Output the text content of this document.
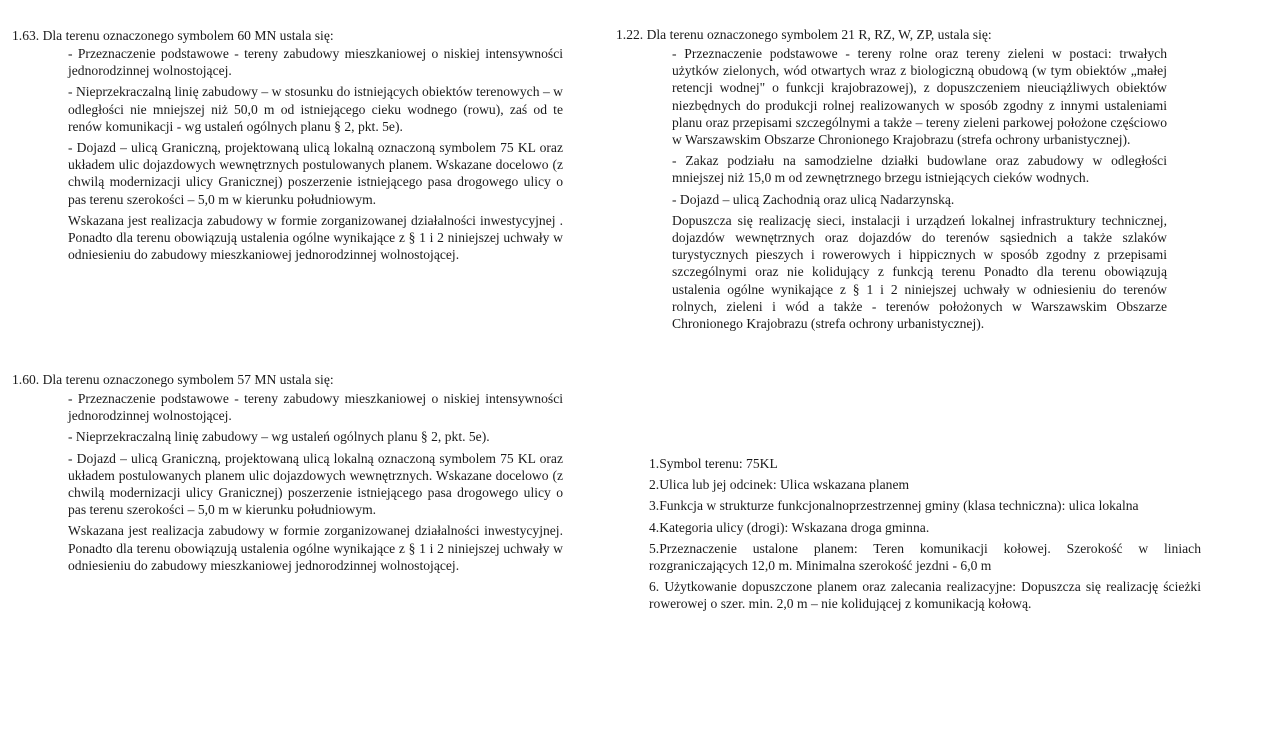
1.63. Dla terenu oznaczonego symbolem 60 MN ustala się:

- Przeznaczenie podstawowe - tereny zabudowy mieszkaniowej o niskiej intensywności jednorodzinnej wolnostojącej.

- Nieprzekraczalną linię zabudowy – w stosunku do istniejących obiektów terenowych – w odległości nie mniejszej niż 50,0 m od istniejącego cieku wodnego (rowu), zaś od te renów komunikacji - wg ustaleń ogólnych planu § 2, pkt. 5e).

- Dojazd – ulicą Graniczną, projektowaną ulicą lokalną oznaczoną symbolem 75 KL oraz układem ulic dojazdowych wewnętrznych postulowanych planem. Wskazane docelowo (z chwilą modernizacji ulicy Granicznej) poszerzenie istniejącego pasa drogowego ulicy o pas terenu szerokości – 5,0 m w kierunku południowym.

Wskazana jest realizacja zabudowy w formie zorganizowanej działalności inwestycyjnej . Ponadto dla terenu obowiązują ustalenia ogólne wynikające z § 1 i 2 niniejszej uchwały w odniesieniu do zabudowy mieszkaniowej jednorodzinnej wolnostojącej.

1.60. Dla terenu oznaczonego symbolem 57 MN ustala się:

- Przeznaczenie podstawowe - tereny zabudowy mieszkaniowej o niskiej intensywności jednorodzinnej wolnostojącej.

- Nieprzekraczalną linię zabudowy – wg ustaleń ogólnych planu § 2, pkt. 5e).

- Dojazd – ulicą Graniczną, projektowaną ulicą lokalną oznaczoną symbolem 75 KL oraz układem postulowanych planem ulic dojazdowych wewnętrznych. Wskazane docelowo (z chwilą modernizacji ulicy Granicznej) poszerzenie istniejącego pasa drogowego ulicy o pas terenu szerokości – 5,0 m w kierunku południowym.

Wskazana jest realizacja zabudowy w formie zorganizowanej działalności inwestycyjnej. Ponadto dla terenu obowiązują ustalenia ogólne wynikające z § 1 i 2 niniejszej uchwały w odniesieniu do zabudowy mieszkaniowej jednorodzinnej wolnostojącej.

1.22. Dla terenu oznaczonego symbolem 21 R, RZ, W, ZP, ustala się:

- Przeznaczenie podstawowe - tereny rolne oraz tereny zieleni w postaci: trwałych użytków zielonych, wód otwartych wraz z biologiczną obudową (w tym obiektów „małej retencji wodnej" o funkcji krajobrazowej), z dopuszczeniem nieuciążliwych obiektów niezbędnych do produkcji rolnej realizowanych w sposób zgodny z innymi ustaleniami planu oraz przepisami szczególnymi a także – tereny zieleni parkowej położone częściowo w Warszawskim Obszarze Chronionego Krajobrazu (strefa ochrony urbanistycznej).

- Zakaz podziału na samodzielne działki budowlane oraz zabudowy w odległości mniejszej niż 15,0 m od zewnętrznego brzegu istniejących cieków wodnych.

- Dojazd – ulicą Zachodnią oraz ulicą Nadarzynską.

Dopuszcza się realizację sieci, instalacji i urządzeń lokalnej infrastruktury technicznej, dojazdów wewnętrznych oraz dojazdów do terenów sąsiednich a także szlaków turystycznych pieszych i rowerowych i hippicznych w sposób zgodny z przepisami szczególnymi oraz nie kolidujący z funkcją terenu Ponadto dla terenu obowiązują ustalenia ogólne wynikające z § 1 i 2 niniejszej uchwały w odniesieniu do terenów rolnych, zieleni i wód a także - terenów położonych w Warszawskim Obszarze Chronionego Krajobrazu (strefa ochrony urbanistycznej).

1.Symbol terenu: 75KL

2.Ulica lub jej odcinek: Ulica wskazana planem

3.Funkcja w strukturze funkcjonalnoprzestrzennej gminy (klasa techniczna): ulica lokalna

4.Kategoria ulicy (drogi): Wskazana droga gminna.

5.Przeznaczenie ustalone planem: Teren komunikacji kołowej. Szerokość w liniach rozgraniczających 12,0 m. Minimalna szerokość jezdni - 6,0 m

6. Użytkowanie dopuszczone planem oraz zalecania realizacyjne: Dopuszcza się realizację ścieżki rowerowej o szer. min. 2,0 m – nie kolidującej z komunikacją kołową.
